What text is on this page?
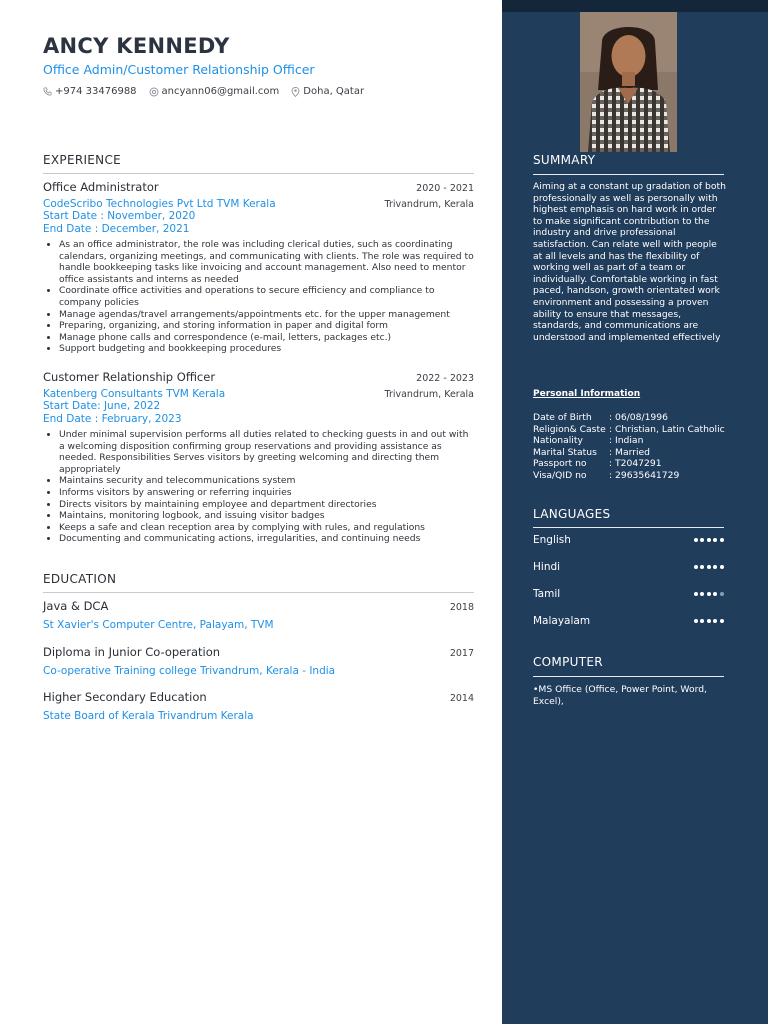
ANCY KENNEDY
Office Admin/Customer Relationship Officer
+974 33476988	ancyann06@gmail.com Doha, Qatar
EXPERIENCE
Office Administrator	2020 - 2021
CodeScribo Technologies Pvt Ltd TVM Kerala	Trivandrum, Kerala
Start Date : November, 2020
End Date : December, 2021
• As an office administrator, the role was including clerical duties, such as coordinating calendars, organizing meetings, and communicating with clients. The role was required to handle bookkeeping tasks like invoicing and account management. Also need to mentor office assistants and interns as needed
• Coordinate office activities and operations to secure efficiency and compliance to company policies
• Manage agendas/travel arrangements/appointments etc. for the upper management
• Preparing, organizing, and storing information in paper and digital form
• Manage phone calls and correspondence (e-mail, letters, packages etc.)
• Support budgeting and bookkeeping procedures
Customer Relationship Officer	2022 - 2023
Katenberg Consultants TVM Kerala	Trivandrum, Kerala
Start Date: June, 2022
End Date : February, 2023
• Under minimal supervision performs all duties related to checking guests in and out with a welcoming disposition confirming group reservations and providing assistance as needed. Responsibilities Serves visitors by greeting welcoming and directing them appropriately
• Maintains security and telecommunications system
• Informs visitors by answering or referring inquiries
• Directs visitors by maintaining employee and department directories
• Maintains, monitoring logbook, and issuing visitor badges
• Keeps a safe and clean reception area by complying with rules, and regulations
• Documenting and communicating actions, irregularities, and continuing needs
EDUCATION
Java & DCA	2018
St Xavier's Computer Centre, Palayam, TVM
Diploma in Junior Co-operation	2017
Co-operative Training college Trivandrum, Kerala - India
Higher Secondary Education	2014
State Board of Kerala Trivandrum Kerala
SUMMARY
Aiming at a constant up gradation of both professionally as well as personally with highest emphasis on hard work in order to make significant contribution to the industry and drive professional satisfaction. Can relate well with people at all levels and has the flexibility of working well as part of a team or individually. Comfortable working in fast paced, handson, growth orientated work environment and possessing a proven ability to ensure that messages, standards, and communications are understood and implemented effectively
Personal Information
Date of Birth	: 06/08/1996
Religion& Caste : Christian, Latin Catholic
Nationality	: Indian
Marital Status	: Married
Passport no	: T2047291
Visa/QID no	: 29635641729
LANGUAGES
English
Hindi
Tamil
Malayalam
COMPUTER
•MS Office (Office, Power Point, Word, Excel),
